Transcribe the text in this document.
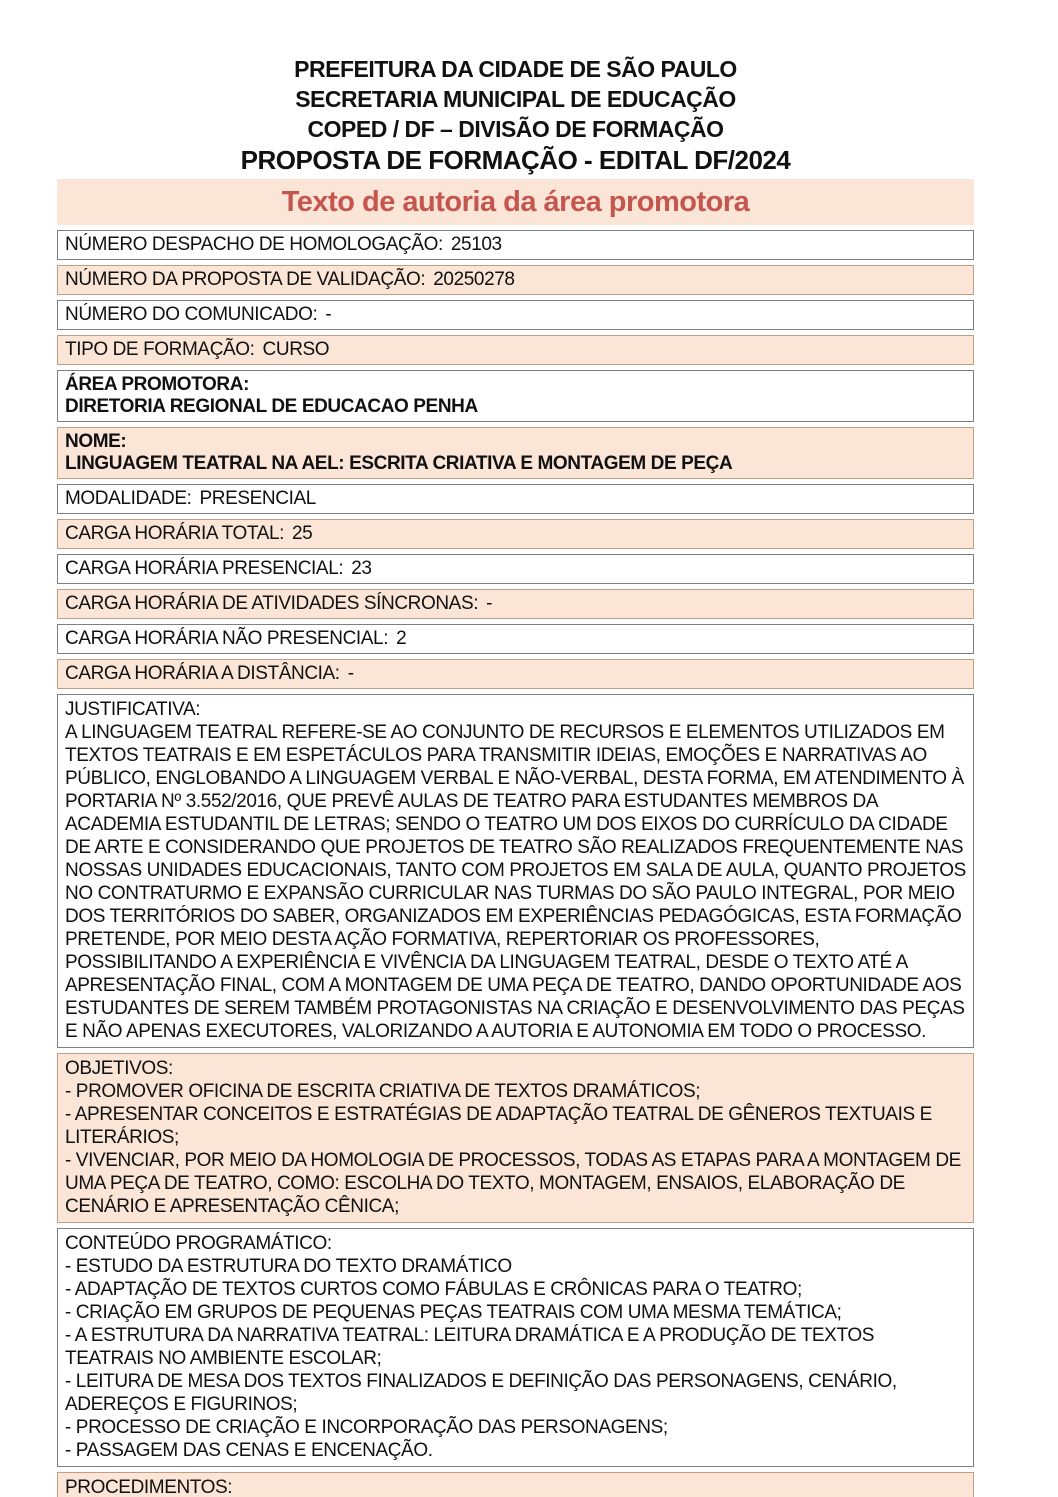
PREFEITURA DA CIDADE DE SÃO PAULO
SECRETARIA MUNICIPAL DE EDUCAÇÃO
COPED / DF – DIVISÃO DE FORMAÇÃO
PROPOSTA DE FORMAÇÃO - EDITAL DF/2024
Texto de autoria da área promotora
NÚMERO DESPACHO DE HOMOLOGAÇÃO: 25103
NÚMERO DA PROPOSTA DE VALIDAÇÃO: 20250278
NÚMERO DO COMUNICADO: -
TIPO DE FORMAÇÃO: CURSO
ÁREA PROMOTORA:
DIRETORIA REGIONAL DE EDUCACAO PENHA
NOME:
LINGUAGEM TEATRAL NA AEL: ESCRITA CRIATIVA E MONTAGEM DE PEÇA
MODALIDADE: PRESENCIAL
CARGA HORÁRIA TOTAL: 25
CARGA HORÁRIA PRESENCIAL: 23
CARGA HORÁRIA DE ATIVIDADES SÍNCRONAS: -
CARGA HORÁRIA NÃO PRESENCIAL: 2
CARGA HORÁRIA A DISTÂNCIA: -
JUSTIFICATIVA:
A LINGUAGEM TEATRAL REFERE-SE AO CONJUNTO DE RECURSOS E ELEMENTOS UTILIZADOS EM TEXTOS TEATRAIS E EM ESPETÁCULOS PARA TRANSMITIR IDEIAS, EMOÇÕES E NARRATIVAS AO PÚBLICO, ENGLOBANDO A LINGUAGEM VERBAL E NÃO-VERBAL, DESTA FORMA, EM ATENDIMENTO À PORTARIA Nº 3.552/2016, QUE PREVÊ AULAS DE TEATRO PARA ESTUDANTES MEMBROS DA ACADEMIA ESTUDANTIL DE LETRAS; SENDO O TEATRO UM DOS EIXOS DO CURRÍCULO DA CIDADE DE ARTE E CONSIDERANDO QUE PROJETOS DE TEATRO SÃO REALIZADOS FREQUENTEMENTE NAS NOSSAS UNIDADES EDUCACIONAIS, TANTO COM PROJETOS EM SALA DE AULA, QUANTO PROJETOS NO CONTRATURMO E EXPANSÃO CURRICULAR NAS TURMAS DO SÃO PAULO INTEGRAL, POR MEIO DOS TERRITÓRIOS DO SABER, ORGANIZADOS EM EXPERIÊNCIAS PEDAGÓGICAS, ESTA FORMAÇÃO PRETENDE, POR MEIO DESTA AÇÃO FORMATIVA, REPERTORIAR OS PROFESSORES, POSSIBILITANDO A EXPERIÊNCIA E VIVÊNCIA DA LINGUAGEM TEATRAL, DESDE O TEXTO ATÉ A APRESENTAÇÃO FINAL, COM A MONTAGEM DE UMA PEÇA DE TEATRO, DANDO OPORTUNIDADE AOS ESTUDANTES DE SEREM TAMBÉM PROTAGONISTAS NA CRIAÇÃO E DESENVOLVIMENTO DAS PEÇAS E NÃO APENAS EXECUTORES, VALORIZANDO A AUTORIA E AUTONOMIA EM TODO O PROCESSO.
OBJETIVOS:
- PROMOVER OFICINA DE ESCRITA CRIATIVA DE TEXTOS DRAMÁTICOS;
- APRESENTAR CONCEITOS E ESTRATÉGIAS DE ADAPTAÇÃO TEATRAL DE GÊNEROS TEXTUAIS E LITERÁRIOS;
- VIVENCIAR, POR MEIO DA HOMOLOGIA DE PROCESSOS, TODAS AS ETAPAS PARA A MONTAGEM DE UMA PEÇA DE TEATRO, COMO: ESCOLHA DO TEXTO, MONTAGEM, ENSAIOS, ELABORAÇÃO DE CENÁRIO E APRESENTAÇÃO CÊNICA;
CONTEÚDO PROGRAMÁTICO:
- ESTUDO DA ESTRUTURA DO TEXTO DRAMÁTICO
- ADAPTAÇÃO DE TEXTOS CURTOS COMO FÁBULAS E CRÔNICAS PARA O TEATRO;
- CRIAÇÃO EM GRUPOS DE PEQUENAS PEÇAS TEATRAIS COM UMA MESMA TEMÁTICA;
- A ESTRUTURA DA NARRATIVA TEATRAL: LEITURA DRAMÁTICA E A PRODUÇÃO DE TEXTOS TEATRAIS NO AMBIENTE ESCOLAR;
- LEITURA DE MESA DOS TEXTOS FINALIZADOS E DEFINIÇÃO DAS PERSONAGENS, CENÁRIO, ADEREÇOS E FIGURINOS;
- PROCESSO DE CRIAÇÃO E INCORPORAÇÃO DAS PERSONAGENS;
- PASSAGEM DAS CENAS E ENCENAÇÃO.
PROCEDIMENTOS:
